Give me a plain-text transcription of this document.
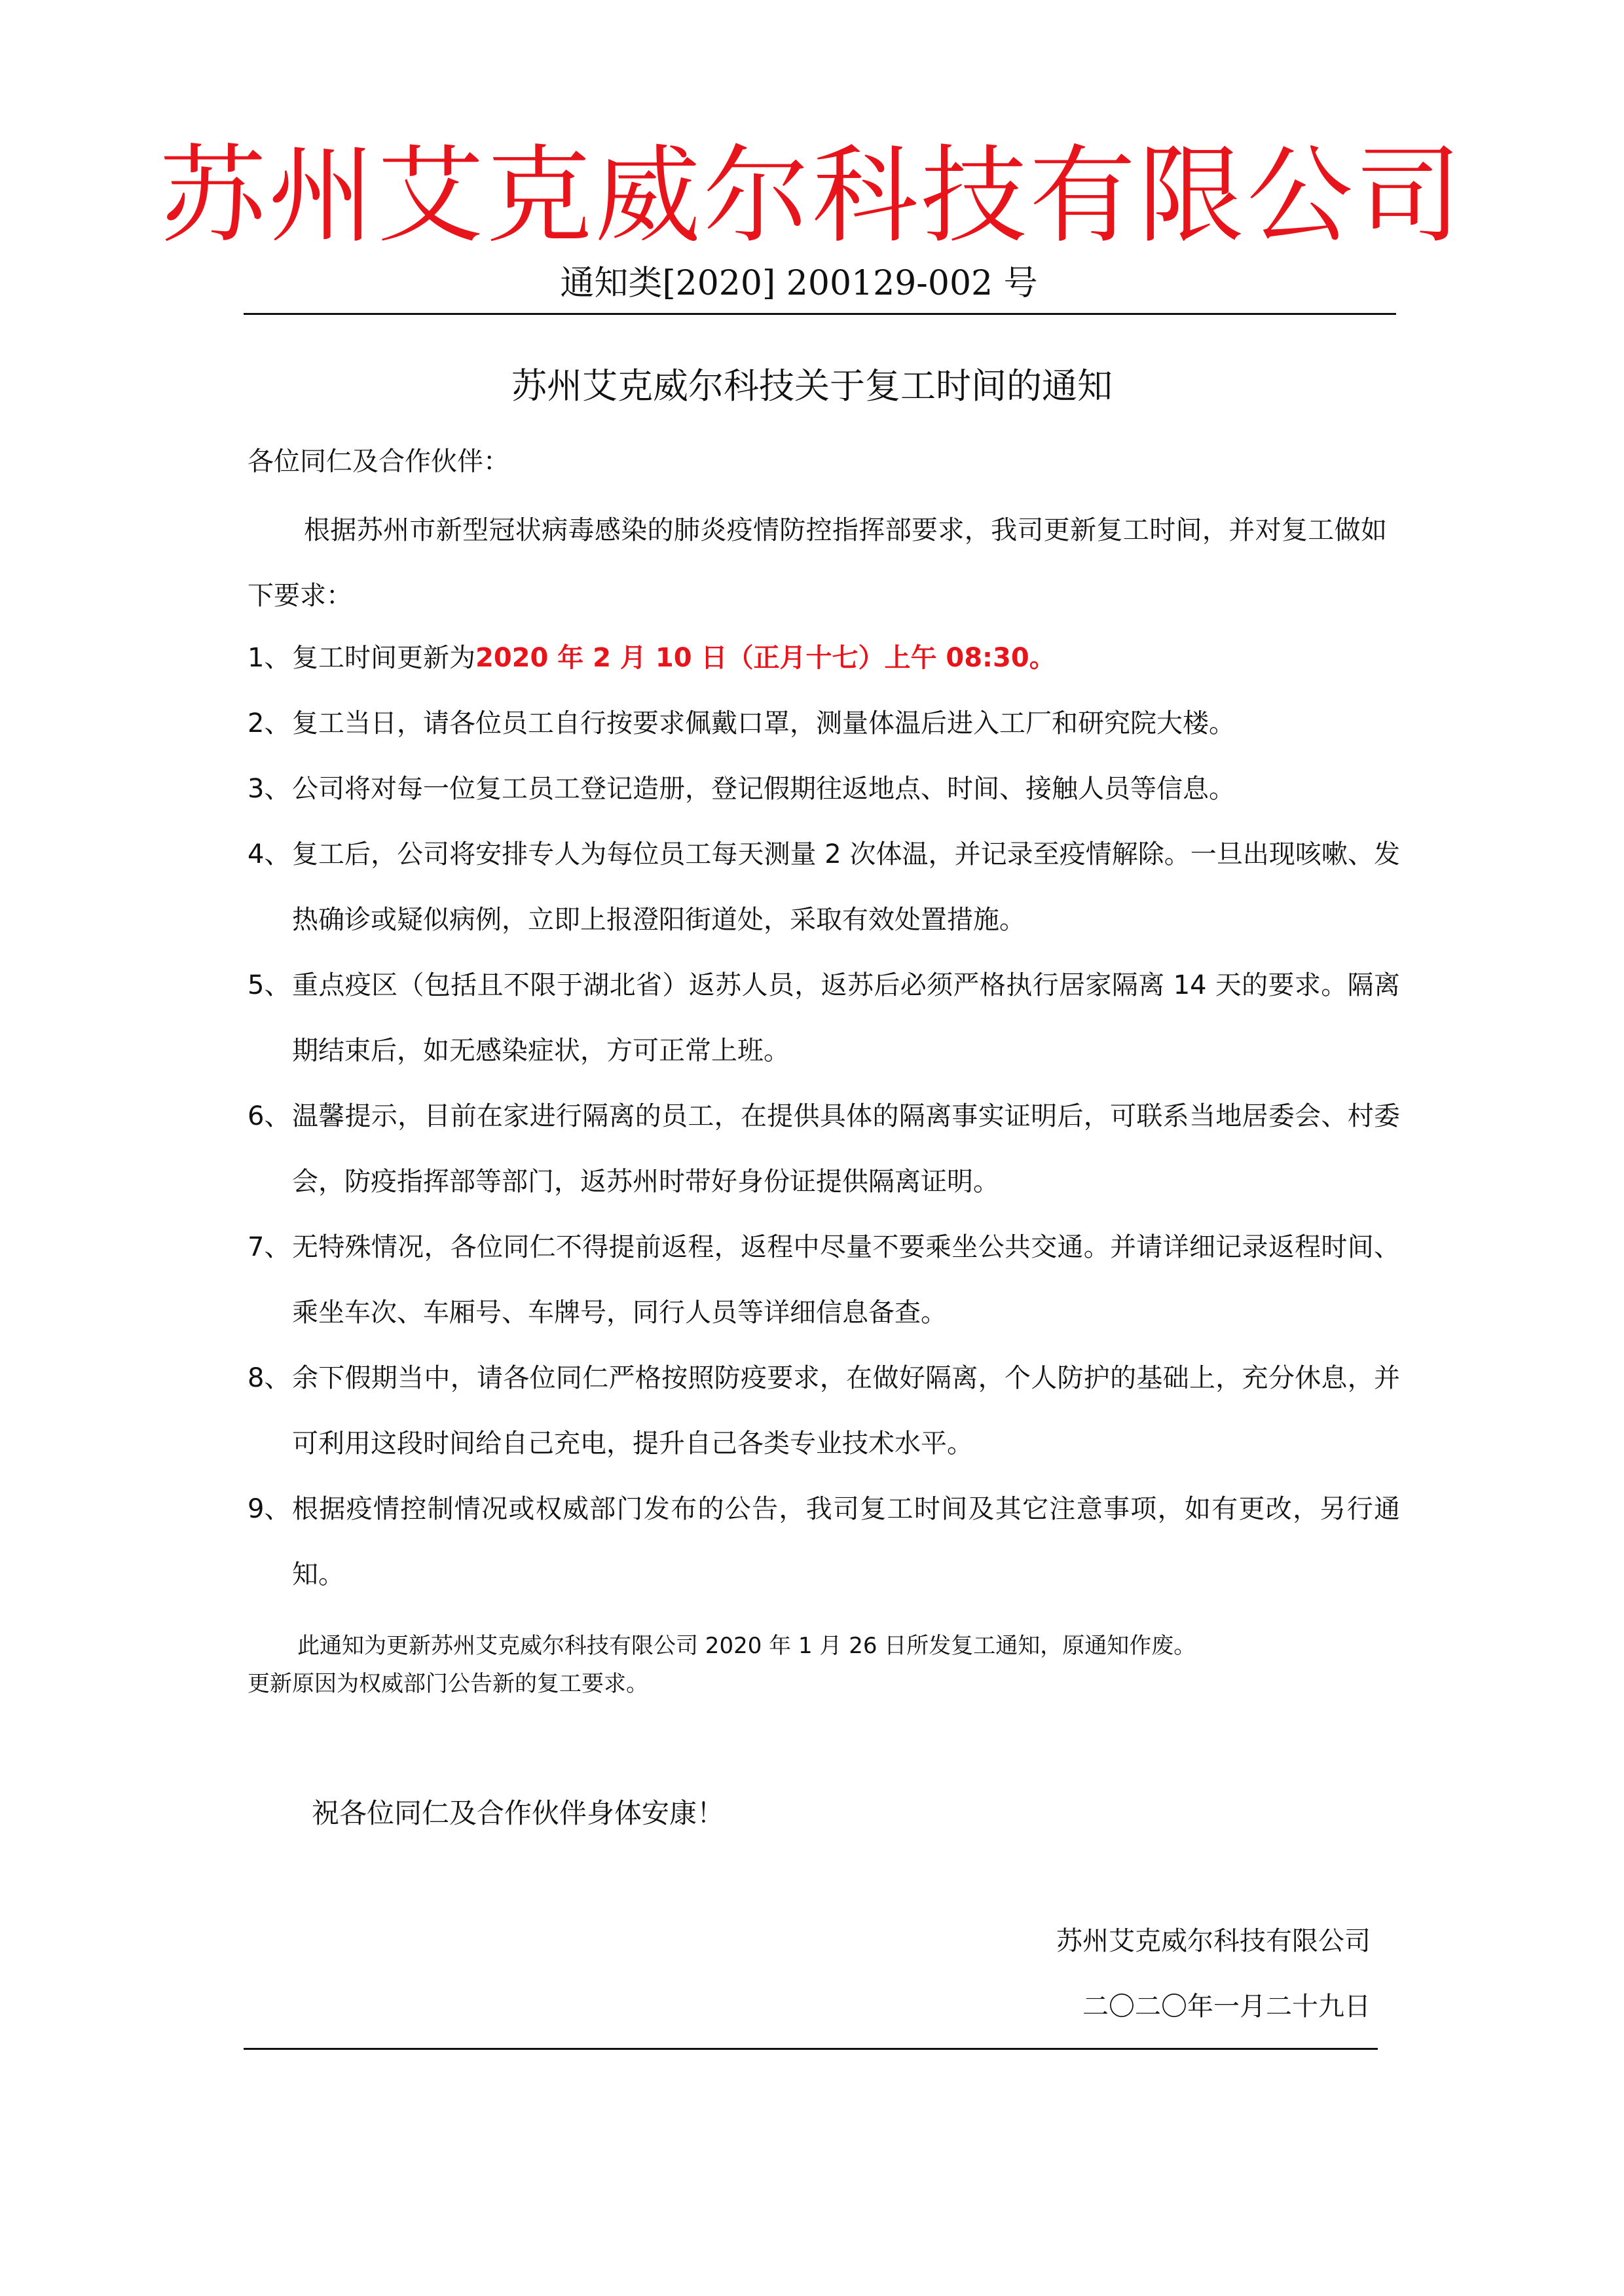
苏州艾克威尔科技有限公司
通知类[2020] 200129-002 号
苏州艾克威尔科技关于复工时间的通知
各位同仁及合作伙伴：
根据苏州市新型冠状病毒感染的肺炎疫情防控指挥部要求，我司更新复工时间，并对复工做如下要求：
1、 复工时间更新为2020 年 2 月 10 日（正月十七）上午 08:30。
2、 复工当日，请各位员工自行按要求佩戴口罩，测量体温后进入工厂和研究院大楼。
3、 公司将对每一位复工员工登记造册，登记假期往返地点、时间、接触人员等信息。
4、 复工后，公司将安排专人为每位员工每天测量 2 次体温，并记录至疫情解除。一旦出现咳嗽、发热确诊或疑似病例，立即上报澄阳街道处，采取有效处置措施。
5、 重点疫区（包括且不限于湖北省）返苏人员，返苏后必须严格执行居家隔离 14 天的要求。隔离期结束后，如无感染症状，方可正常上班。
6、 温馨提示，目前在家进行隔离的员工，在提供具体的隔离事实证明后，可联系当地居委会、村委会，防疫指挥部等部门，返苏州时带好身份证提供隔离证明。
7、 无特殊情况，各位同仁不得提前返程，返程中尽量不要乘坐公共交通。并请详细记录返程时间、乘坐车次、车厢号、车牌号，同行人员等详细信息备查。
8、 余下假期当中，请各位同仁严格按照防疫要求，在做好隔离，个人防护的基础上，充分休息，并可利用这段时间给自己充电，提升自己各类专业技术水平。
9、 根据疫情控制情况或权威部门发布的公告，我司复工时间及其它注意事项，如有更改，另行通知。
此通知为更新苏州艾克威尔科技有限公司 2020 年 1 月 26 日所发复工通知，原通知作废。
更新原因为权威部门公告新的复工要求。
祝各位同仁及合作伙伴身体安康！
苏州艾克威尔科技有限公司
二〇二〇年一月二十九日
